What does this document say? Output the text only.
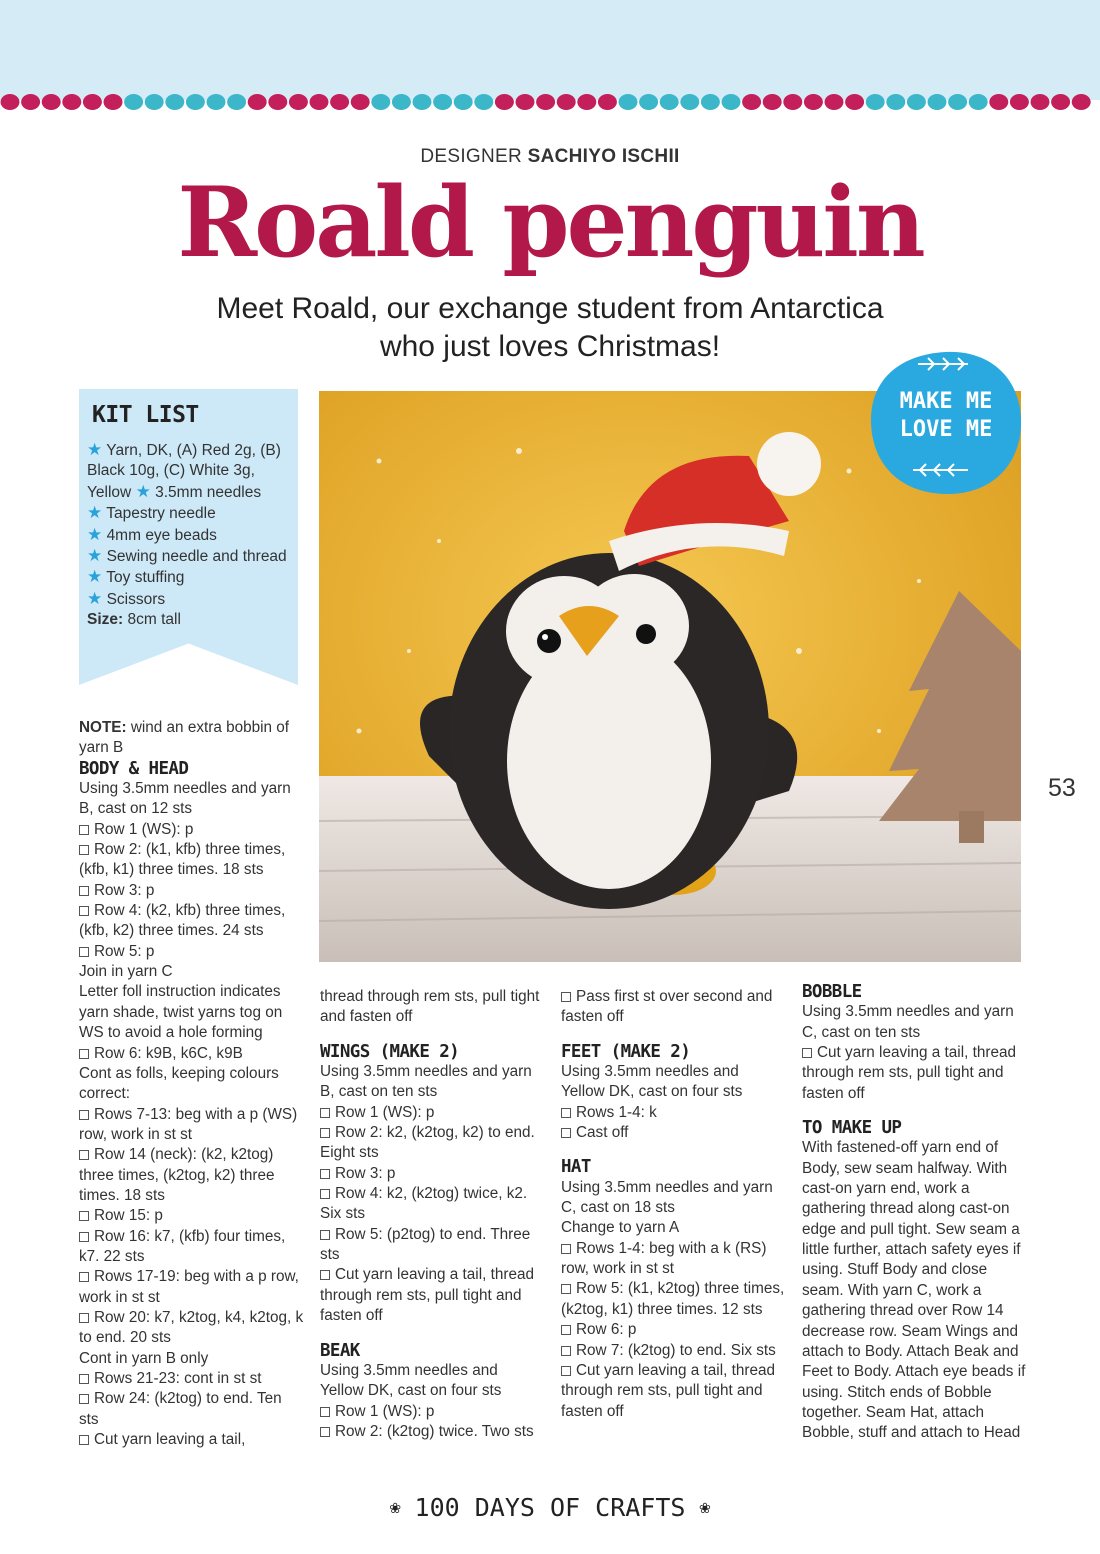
DESIGNER SACHIYO ISCHII
Roald penguin
Meet Roald, our exchange student from Antarctica
who just loves Christmas!
KIT LIST
★ Yarn, DK, (A) Red 2g, (B) Black 10g, (C) White 3g, Yellow ★ 3.5mm needles
★ Tapestry needle
★ 4mm eye beads
★ Sewing needle and thread ★ Toy stuffing
★ Scissors
Size: 8cm tall
MAKE ME
LOVE ME
53

NOTE: wind an extra bobbin of yarn B

BODY & HEAD

Using 3.5mm needles and yarn B, cast on 12 sts

Row 1 (WS): p

Row 2: (k1, kfb) three times, (kfb, k1) three times. 18 sts

Row 3: p

Row 4: (k2, kfb) three times, (kfb, k2) three times. 24 sts

Row 5: p

Join in yarn C

Letter foll instruction indicates yarn shade, twist yarns tog on WS to avoid a hole forming

Row 6: k9B, k6C, k9B

Cont as folls, keeping colours correct:

Rows 7-13: beg with a p (WS) row, work in st st

Row 14 (neck): (k2, k2tog) three times, (k2tog, k2) three times. 18 sts

Row 15: p

Row 16: k7, (kfb) four times, k7. 22 sts

Rows 17-19: beg with a p row, work in st st

Row 20: k7, k2tog, k4, k2tog, k to end. 20 sts

Cont in yarn B only

Rows 21-23: cont in st st

Row 24: (k2tog) to end. Ten sts

Cut yarn leaving a tail,

thread through rem sts, pull tight and fasten off

WINGS (MAKE 2)

Using 3.5mm needles and yarn B, cast on ten sts

Row 1 (WS): p

Row 2: k2, (k2tog, k2) to end. Eight sts

Row 3: p

Row 4: k2, (k2tog) twice, k2. Six sts

Row 5: (p2tog) to end. Three sts

Cut yarn leaving a tail, thread through rem sts, pull tight and fasten off

BEAK

Using 3.5mm needles and Yellow DK, cast on four sts

Row 1 (WS): p

Row 2: (k2tog) twice. Two sts

Pass first st over second and fasten off

FEET (MAKE 2)

Using 3.5mm needles and Yellow DK, cast on four sts

Rows 1-4: k

Cast off

HAT

Using 3.5mm needles and yarn C, cast on 18 sts

Change to yarn A

Rows 1-4: beg with a k (RS) row, work in st st

Row 5: (k1, k2tog) three times, (k2tog, k1) three times. 12 sts

Row 6: p

Row 7: (k2tog) to end. Six sts

Cut yarn leaving a tail, thread through rem sts, pull tight and fasten off

BOBBLE

Using 3.5mm needles and yarn C, cast on ten sts

Cut yarn leaving a tail, thread through rem sts, pull tight and fasten off

TO MAKE UP

With fastened-off yarn end of Body, sew seam halfway. With cast-on yarn end, work a gathering thread along cast-on edge and pull tight. Sew seam a little further, attach safety eyes if using. Stuff Body and close seam. With yarn C, work a gathering thread over Row 14 decrease row. Seam Wings and attach to Body. Attach Beak and Feet to Body. Attach eye beads if using. Stitch ends of Bobble together. Seam Hat, attach Bobble, stuff and attach to Head

❀ 100 DAYS OF CRAFTS ❀
